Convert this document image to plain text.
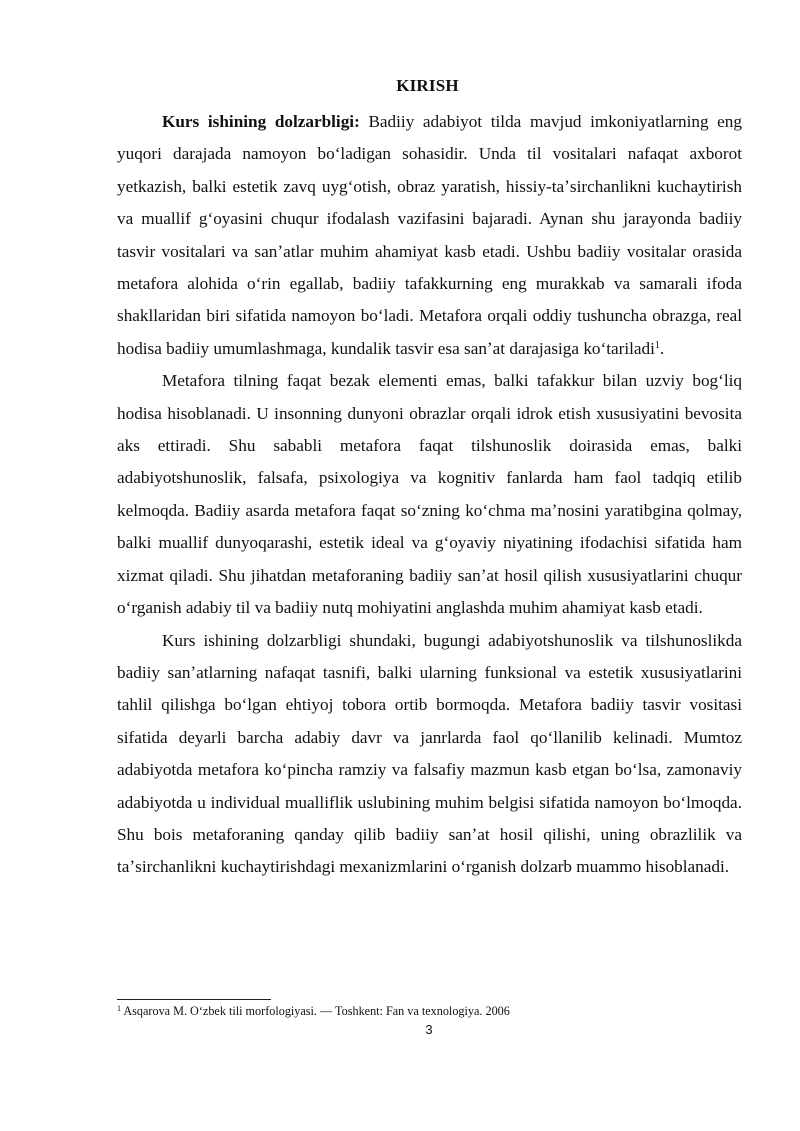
KIRISH

Kurs ishining dolzarbligi: Badiiy adabiyot tilda mavjud imkoniyatlarning eng yuqori darajada namoyon boʻladigan sohasidir. Unda til vositalari nafaqat axborot yetkazish, balki estetik zavq uygʻotish, obraz yaratish, hissiy-taʼsirchanlikni kuchaytirish va muallif gʻoyasini chuqur ifodalash vazifasini bajaradi. Aynan shu jarayonda badiiy tasvir vositalari va sanʼatlar muhim ahamiyat kasb etadi. Ushbu badiiy vositalar orasida metafora alohida oʻrin egallab, badiiy tafakkurning eng murakkab va samarali ifoda shakllaridan biri sifatida namoyon boʻladi. Metafora orqali oddiy tushuncha obrazga, real hodisa badiiy umumlashmaga, kundalik tasvir esa sanʼat darajasiga koʻtariladi$^1$.

Metafora tilning faqat bezak elementi emas, balki tafakkur bilan uzviy bogʻliq hodisa hisoblanadi. U insonning dunyoni obrazlar orqali idrok etish xususiyatini bevosita aks ettiradi. Shu sababli metafora faqat tilshunoslik doirasida emas, balki adabiyotshunoslik, falsafa, psixologiya va kognitiv fanlarda ham faol tadqiq etilib kelmoqda. Badiiy asarda metafora faqat soʻzning koʻchma maʼnosini yaratibgina qolmay, balki muallif dunyoqarashi, estetik ideal va gʻoyaviy niyatining ifodachisi sifatida ham xizmat qiladi. Shu jihatdan metaforaning badiiy sanʼat hosil qilish xususiyatlarini chuqur oʻrganish adabiy til va badiiy nutq mohiyatini anglashda muhim ahamiyat kasb etadi.

Kurs ishining dolzarbligi shundaki, bugungi adabiyotshunoslik va tilshunoslikda badiiy sanʼatlarning nafaqat tasnifi, balki ularning funksional va estetik xususiyatlarini tahlil qilishga boʻlgan ehtiyoj tobora ortib bormoqda. Metafora badiiy tasvir vositasi sifatida deyarli barcha adabiy davr va janrlarda faol qoʻllanilib kelinadi. Mumtoz adabiyotda metafora koʻpincha ramziy va falsafiy mazmun kasb etgan boʻlsa, zamonaviy adabiyotda u individual mualliflik uslubining muhim belgisi sifatida namoyon boʻlmoqda. Shu bois metaforaning qanday qilib badiiy sanʼat hosil qilishi, uning obrazlilik va taʼsirchanlikni kuchaytirishdagi mexanizmlarini oʻrganish dolzarb muammo hisoblanadi.

$^1$ Asqarova M. Oʻzbek tili morfologiyasi. — Toshkent: Fan va texnologiya. 2006
3
